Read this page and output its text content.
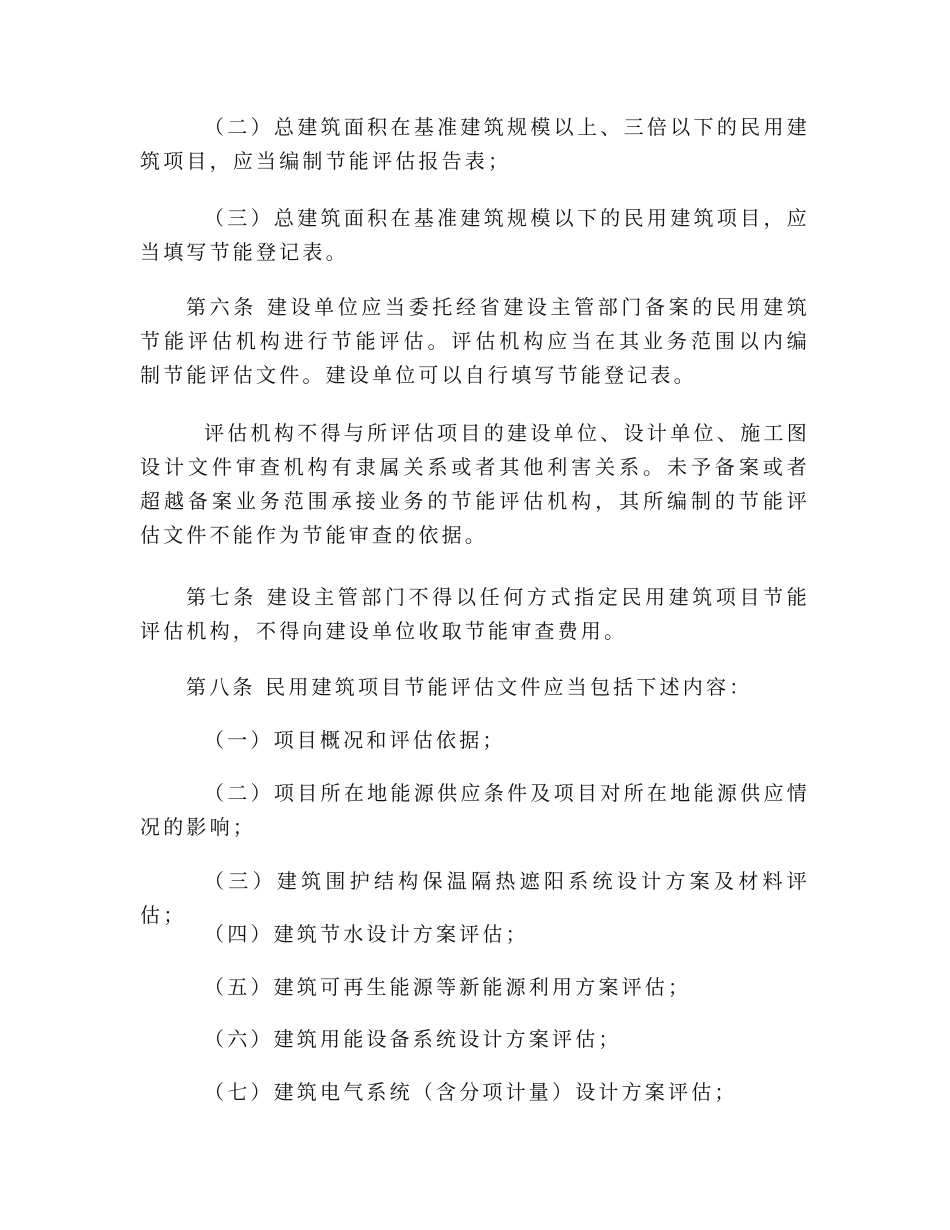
（二）总建筑面积在基准建筑规模以上、三倍以下的民用建筑项目，应当编制节能评估报告表；

（三）总建筑面积在基准建筑规模以下的民用建筑项目，应当填写节能登记表。

第六条 建设单位应当委托经省建设主管部门备案的民用建筑节能评估机构进行节能评估。评估机构应当在其业务范围以内编制节能评估文件。建设单位可以自行填写节能登记表。

评估机构不得与所评估项目的建设单位、设计单位、施工图设计文件审查机构有隶属关系或者其他利害关系。未予备案或者超越备案业务范围承接业务的节能评估机构，其所编制的节能评估文件不能作为节能审查的依据。

第七条 建设主管部门不得以任何方式指定民用建筑项目节能评估机构，不得向建设单位收取节能审查费用。

第八条 民用建筑项目节能评估文件应当包括下述内容：

（一）项目概况和评估依据；

（二）项目所在地能源供应条件及项目对所在地能源供应情况的影响；

（三）建筑围护结构保温隔热遮阳系统设计方案及材料评估；

（四）建筑节水设计方案评估；

（五）建筑可再生能源等新能源利用方案评估；

（六）建筑用能设备系统设计方案评估；

（七）建筑电气系统（含分项计量）设计方案评估；
